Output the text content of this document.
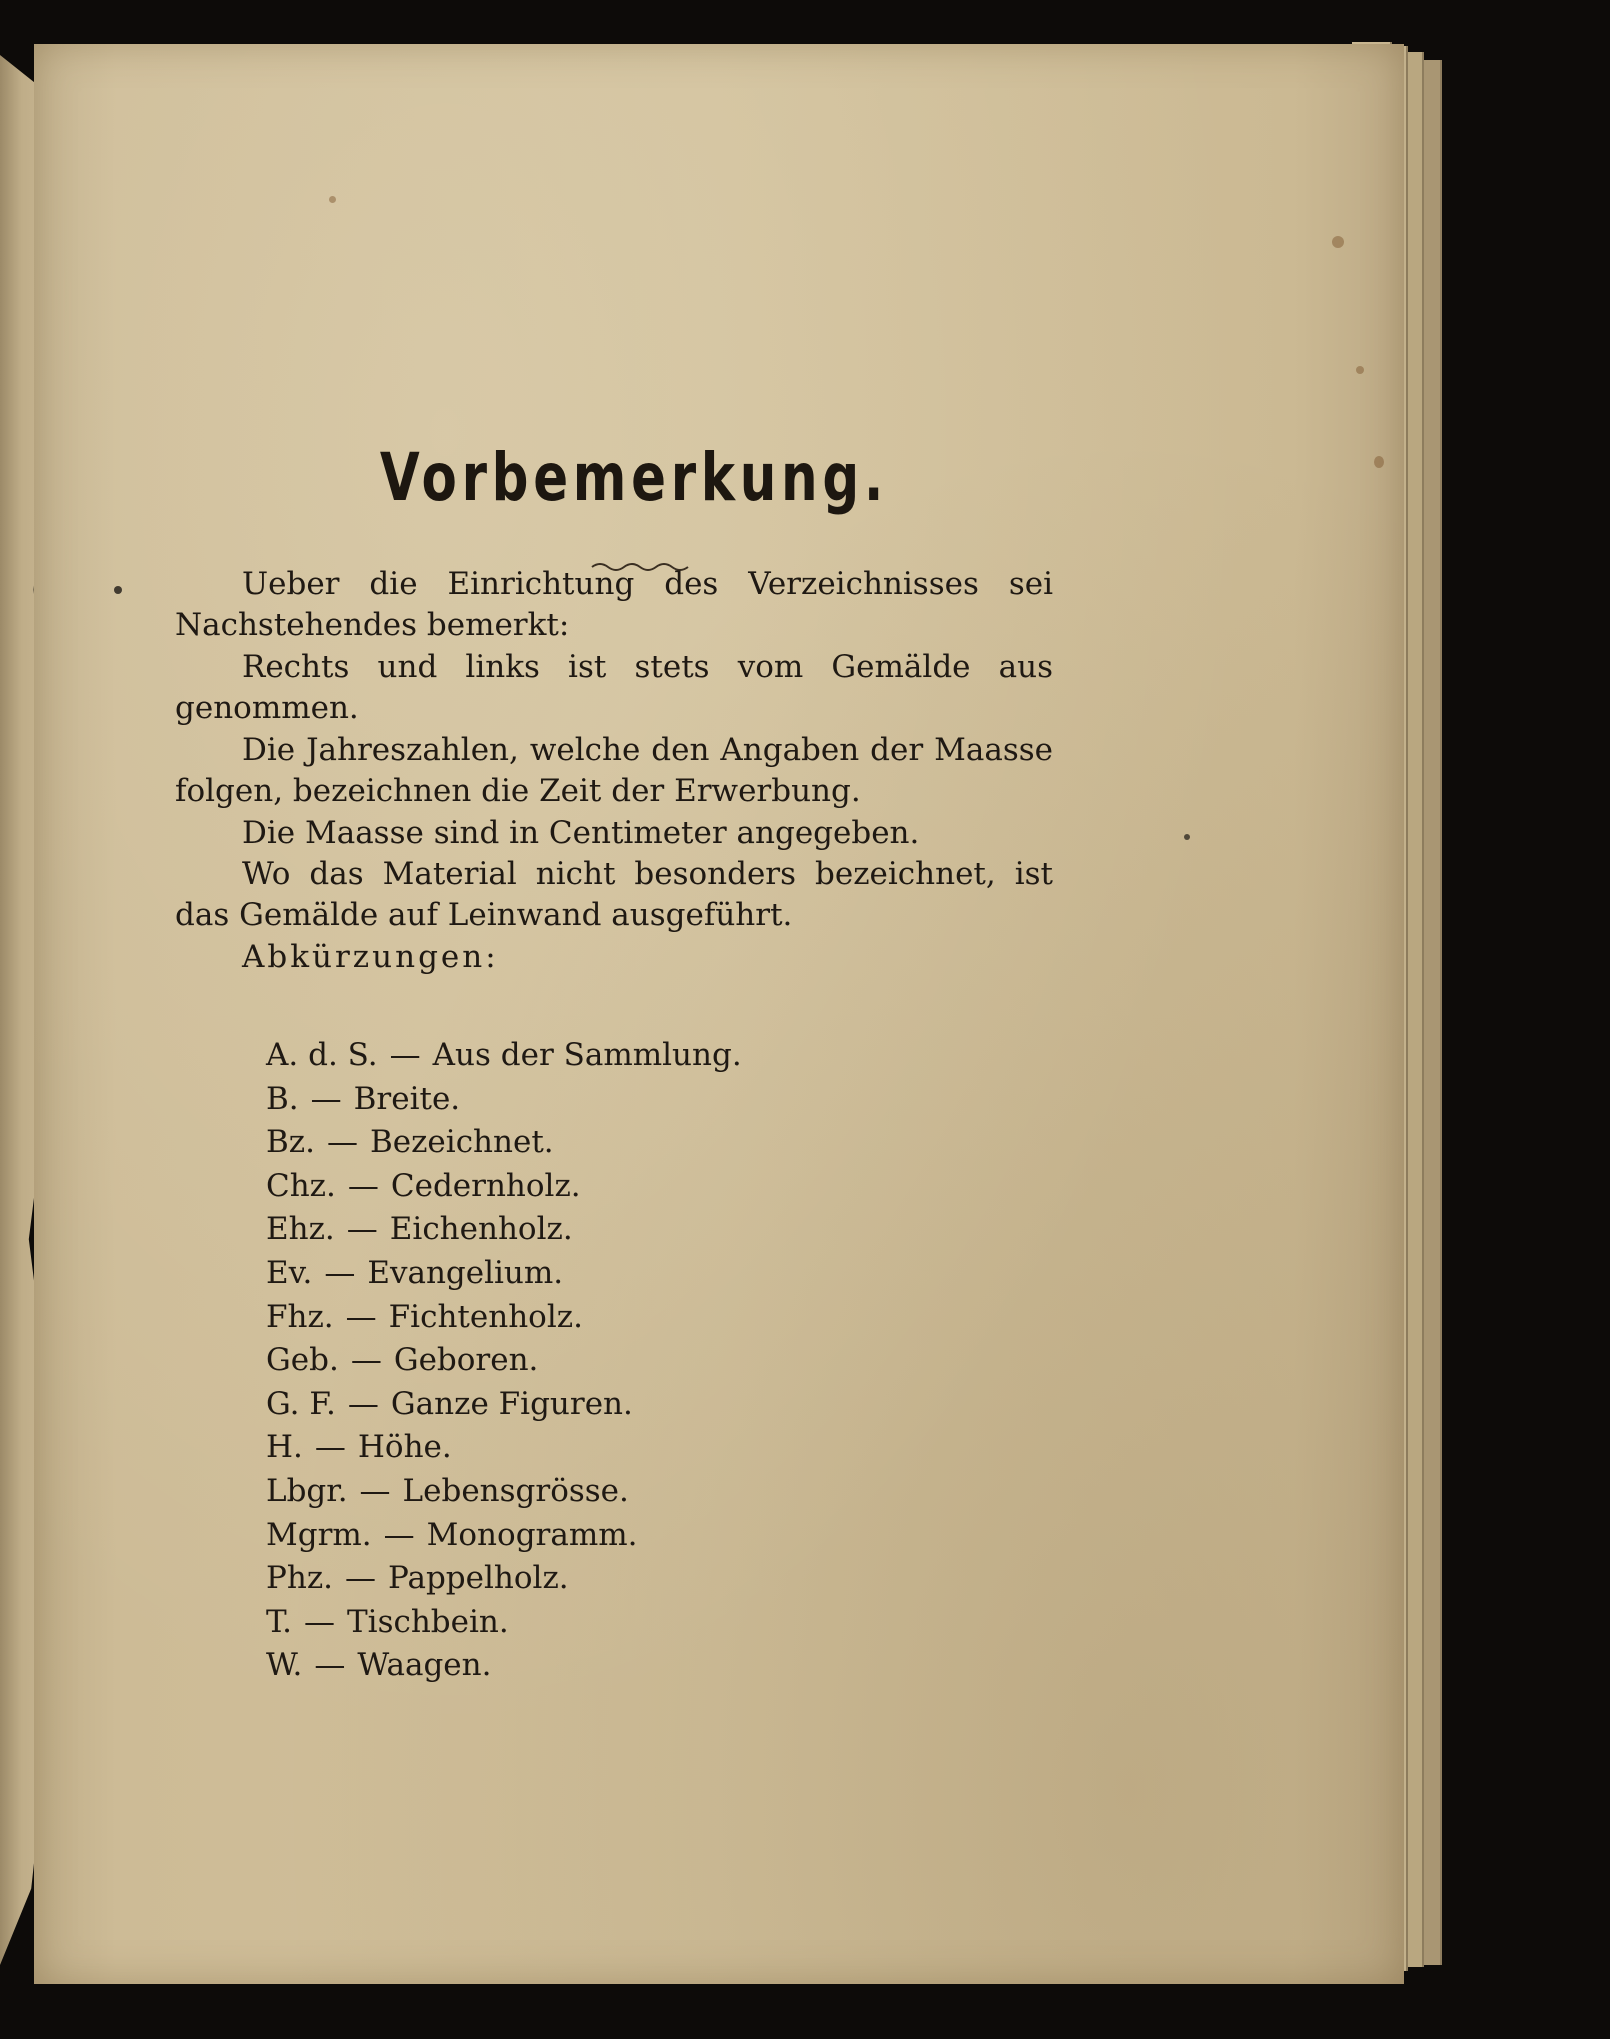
Vorbemerkung.
Ueber die Einrichtung des Verzeichnisses sei
Nachstehendes bemerkt:
Rechts und links ist stets vom Gemälde aus
genommen.
Die Jahreszahlen, welche den Angaben der Maasse
folgen, bezeichnen die Zeit der Erwerbung.
Die Maasse sind in Centimeter angegeben.
Wo das Material nicht besonders bezeichnet, ist
das Gemälde auf Leinwand ausgeführt.
Abkürzungen:
A. d. S. — Aus der Sammlung.
B. — Breite.
Bz. — Bezeichnet.
Chz. — Cedernholz.
Ehz. — Eichenholz.
Ev. — Evangelium.
Fhz. — Fichtenholz.
Geb. — Geboren.
G. F. — Ganze Figuren.
H. — Höhe.
Lbgr. — Lebensgrösse.
Mgrm. — Monogramm.
Phz. — Pappelholz.
T. — Tischbein.
W. — Waagen.
